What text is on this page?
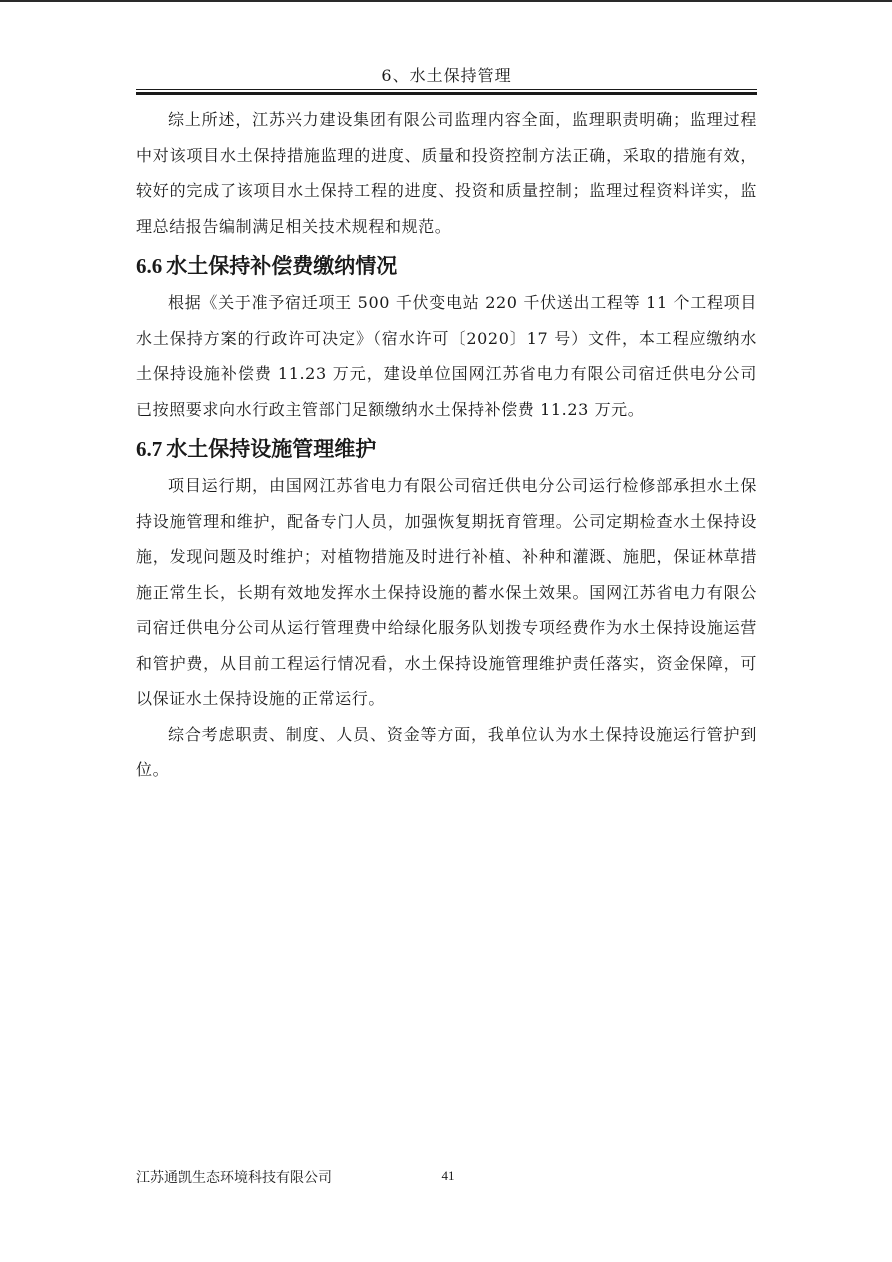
6、水土保持管理

综上所述，江苏兴力建设集团有限公司监理内容全面，监理职责明确；监理过程中对该项目水土保持措施监理的进度、质量和投资控制方法正确，采取的措施有效，较好的完成了该项目水土保持工程的进度、投资和质量控制；监理过程资料详实，监理总结报告编制满足相关技术规程和规范。

6.6 水土保持补偿费缴纳情况

根据《关于准予宿迁项王 500 千伏变电站 220 千伏送出工程等 11 个工程项目水土保持方案的行政许可决定》（宿水许可〔2020〕17 号）文件，本工程应缴纳水土保持设施补偿费 11.23 万元，建设单位国网江苏省电力有限公司宿迁供电分公司已按照要求向水行政主管部门足额缴纳水土保持补偿费 11.23 万元。

6.7 水土保持设施管理维护

项目运行期，由国网江苏省电力有限公司宿迁供电分公司运行检修部承担水土保持设施管理和维护，配备专门人员，加强恢复期抚育管理。公司定期检查水土保持设施，发现问题及时维护；对植物措施及时进行补植、补种和灌溉、施肥，保证林草措施正常生长，长期有效地发挥水土保持设施的蓄水保土效果。国网江苏省电力有限公司宿迁供电分公司从运行管理费中给绿化服务队划拨专项经费作为水土保持设施运营和管护费，从目前工程运行情况看，水土保持设施管理维护责任落实，资金保障，可以保证水土保持设施的正常运行。

综合考虑职责、制度、人员、资金等方面，我单位认为水土保持设施运行管护到位。

江苏通凯生态环境科技有限公司	41
